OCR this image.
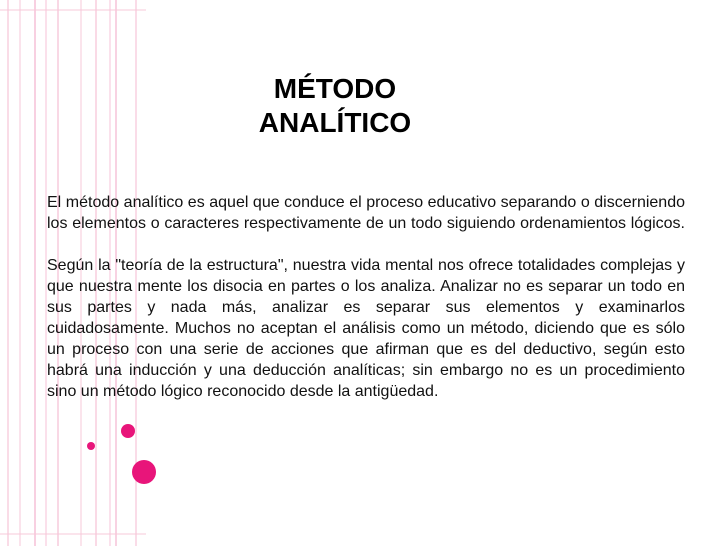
MÉTODO
ANALÍTICO

El método analítico es aquel que conduce el proceso educativo separando o discerniendo los elementos o caracteres respectivamente de un todo siguiendo ordenamientos lógicos.

Según la "teoría de la estructura", nuestra vida mental nos ofrece totalidades complejas y que nuestra mente los disocia en partes o los analiza. Analizar no es separar un todo en sus partes y nada más, analizar es separar sus elementos y examinarlos cuidadosamente. Muchos no aceptan el análisis como un método, diciendo que es sólo un proceso con una serie de acciones que afirman que es del deductivo, según esto habrá una inducción y una deducción analíticas; sin embargo no es un procedimiento sino un método lógico reconocido desde la antigüedad.
